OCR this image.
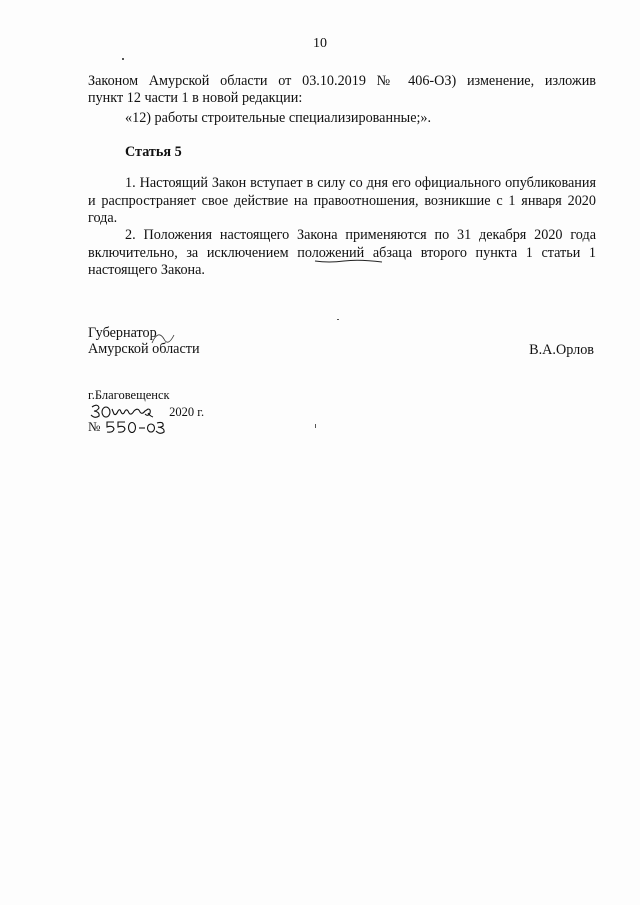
10
Законом Амурской области от 03.10.2019 № 406-ОЗ) изменение, изложив
пункт 12 части 1 в новой редакции:
«12) работы строительные специализированные;».
Статья 5
1. Настоящий Закон вступает в силу со дня его официального опубликования и распространяет свое действие на правоотношения, возникшие с 1 января 2020 года.
2. Положения настоящего Закона применяются по 31 декабря 2020 года включительно, за исключением положений абзаца второго пункта 1 статьи 1 настоящего Закона.
Губернатор
Амурской области	В.А.Орлов
г.Благовещенск
30 июня
2020 г.
№	550-ОЗ
